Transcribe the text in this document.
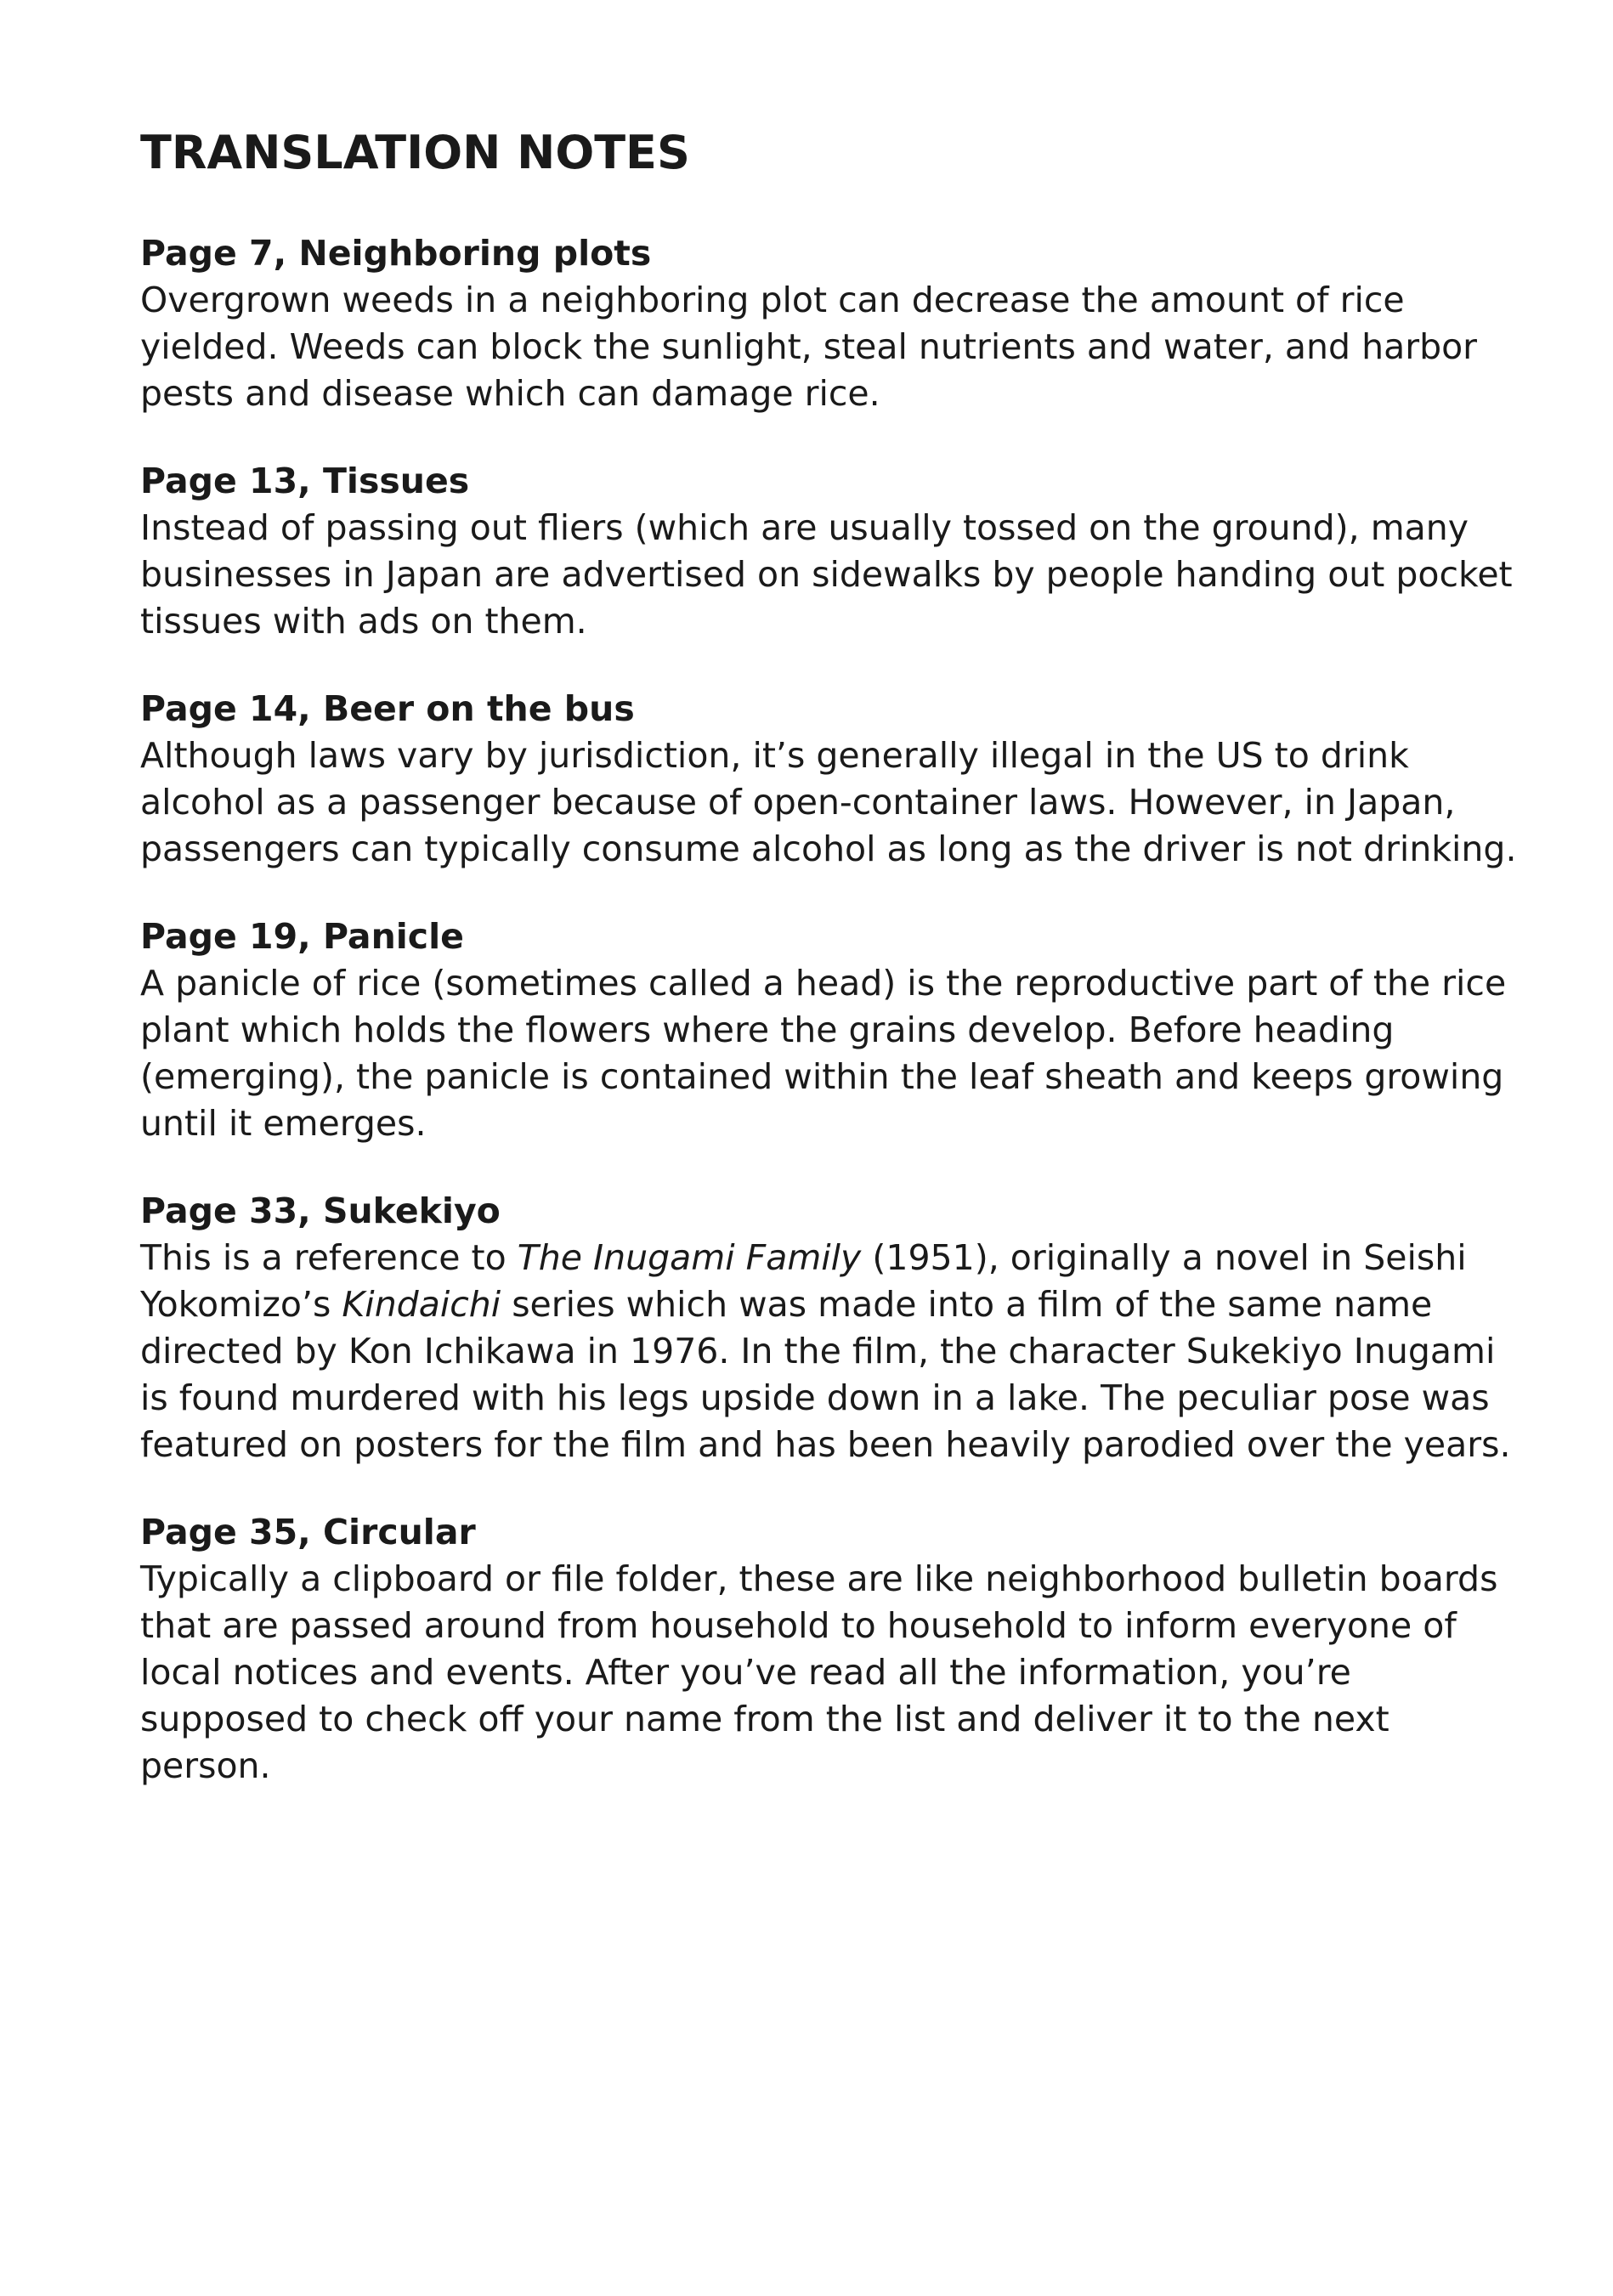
TRANSLATION NOTES

Page 7, Neighboring plots

Overgrown weeds in a neighboring plot can decrease the amount of rice yielded. Weeds can block the sunlight, steal nutrients and water, and harbor pests and disease which can damage rice.

Page 13, Tissues

Instead of passing out fliers (which are usually tossed on the ground), many businesses in Japan are advertised on sidewalks by people handing out pocket tissues with ads on them.

Page 14, Beer on the bus

Although laws vary by jurisdiction, it’s generally illegal in the US to drink alcohol as a passenger because of open-container laws. However, in Japan, passengers can typically consume alcohol as long as the driver is not drinking.

Page 19, Panicle

A panicle of rice (sometimes called a head) is the reproductive part of the rice plant which holds the flowers where the grains develop. Before heading (emerging), the panicle is contained within the leaf sheath and keeps growing until it emerges.

Page 33, Sukekiyo

This is a reference to The Inugami Family (1951), originally a novel in Seishi Yokomizo’s Kindaichi series which was made into a film of the same name directed by Kon Ichikawa in 1976. In the film, the character Sukekiyo Inugami is found murdered with his legs upside down in a lake. The peculiar pose was featured on posters for the film and has been heavily parodied over the years.

Page 35, Circular

Typically a clipboard or file folder, these are like neighborhood bulletin boards that are passed around from household to household to inform everyone of local notices and events. After you’ve read all the information, you’re supposed to check off your name from the list and deliver it to the next person.
